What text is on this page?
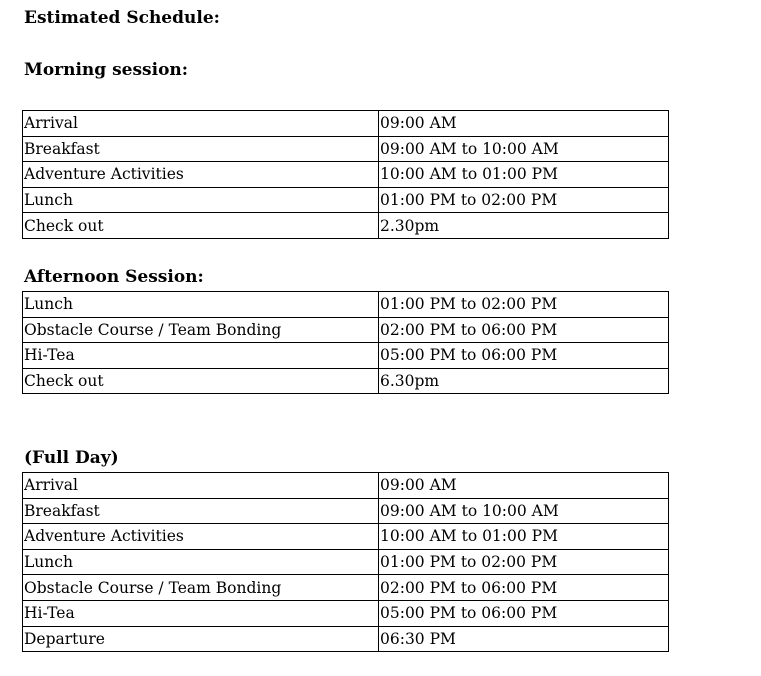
Estimated Schedule:
Morning session:
Arrival	09:00 AM
Breakfast	09:00 AM to 10:00 AM
Adventure Activities	10:00 AM to 01:00 PM
Lunch	01:00 PM to 02:00 PM
Check out	2.30pm
Afternoon Session:
Lunch	01:00 PM to 02:00 PM
Obstacle Course / Team Bonding	02:00 PM to 06:00 PM
Hi-Tea	05:00 PM to 06:00 PM
Check out	6.30pm
(Full Day)
Arrival	09:00 AM
Breakfast	09:00 AM to 10:00 AM
Adventure Activities	10:00 AM to 01:00 PM
Lunch	01:00 PM to 02:00 PM
Obstacle Course / Team Bonding	02:00 PM to 06:00 PM
Hi-Tea	05:00 PM to 06:00 PM
Departure	06:30 PM
